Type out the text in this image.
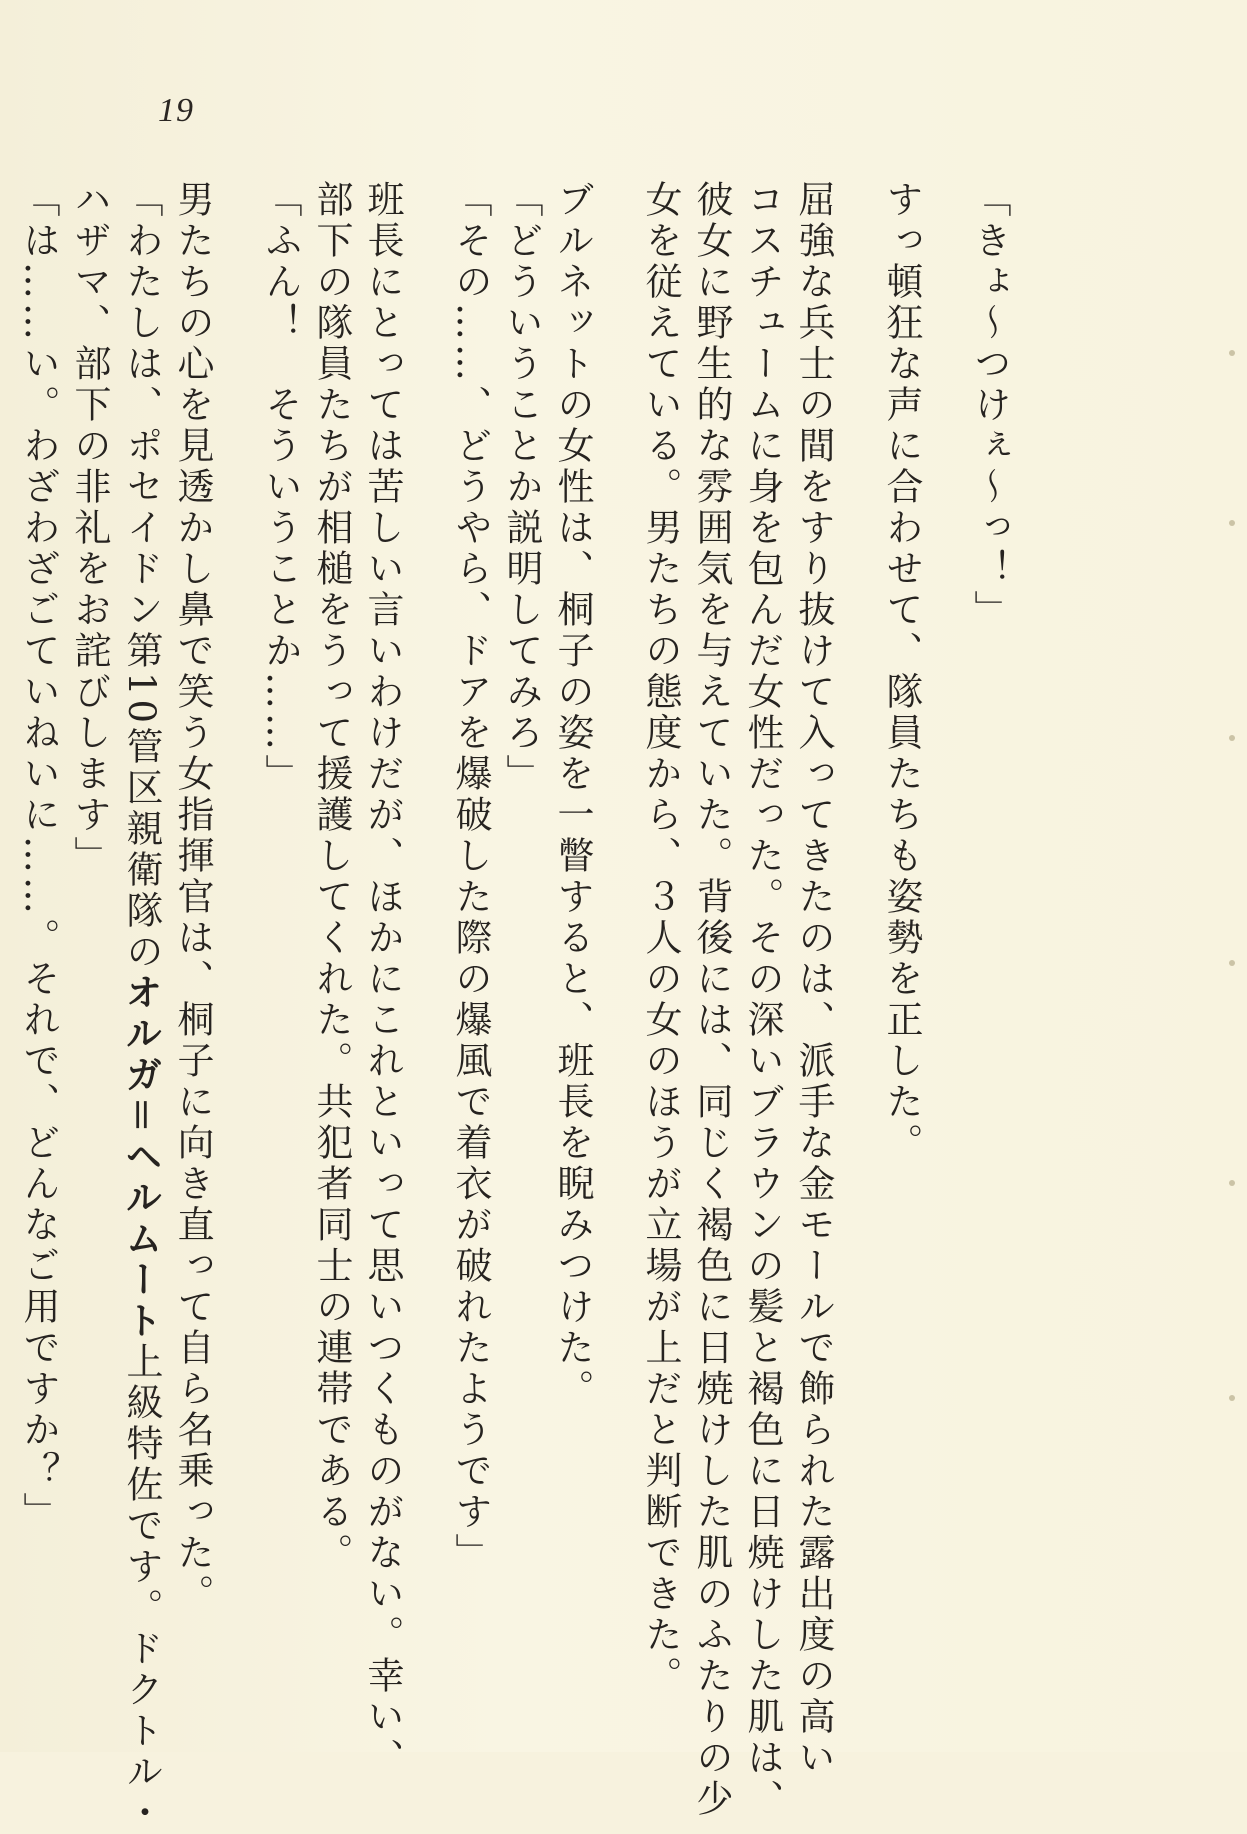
19
「きょ〜つけぇ〜っ！」
すっ頓狂な声に合わせて、隊員たちも姿勢を正した。
屈強な兵士の間をすり抜けて入ってきたのは、派手な金モールで飾られた露出度の高い
コスチュームに身を包んだ女性だった。その深いブラウンの髪と褐色に日焼けした肌は、
彼女に野生的な雰囲気を与えていた。背後には、同じく褐色に日焼けした肌のふたりの少
女を従えている。男たちの態度から、３人の女のほうが立場が上だと判断できた。
ブルネットの女性は、桐子の姿を一瞥すると、班長を睨みつけた。
「どういうことか説明してみろ」
「その……、どうやら、ドアを爆破した際の爆風で着衣が破れたようです」
班長にとっては苦しい言いわけだが、ほかにこれといって思いつくものがない。幸い、
部下の隊員たちが相槌をうって援護してくれた。共犯者同士の連帯である。
「ふん！　そういうことか……」
男たちの心を見透かし鼻で笑う女指揮官は、桐子に向き直って自ら名乗った。
「わたしは、ポセイドン第10管区親衛隊のオルガ＝ヘルムート上級特佐です。ドクトル・
ハザマ、部下の非礼をお詫びします」
「は……い。わざわざごていねいに……。それで、どんなご用ですか？」
